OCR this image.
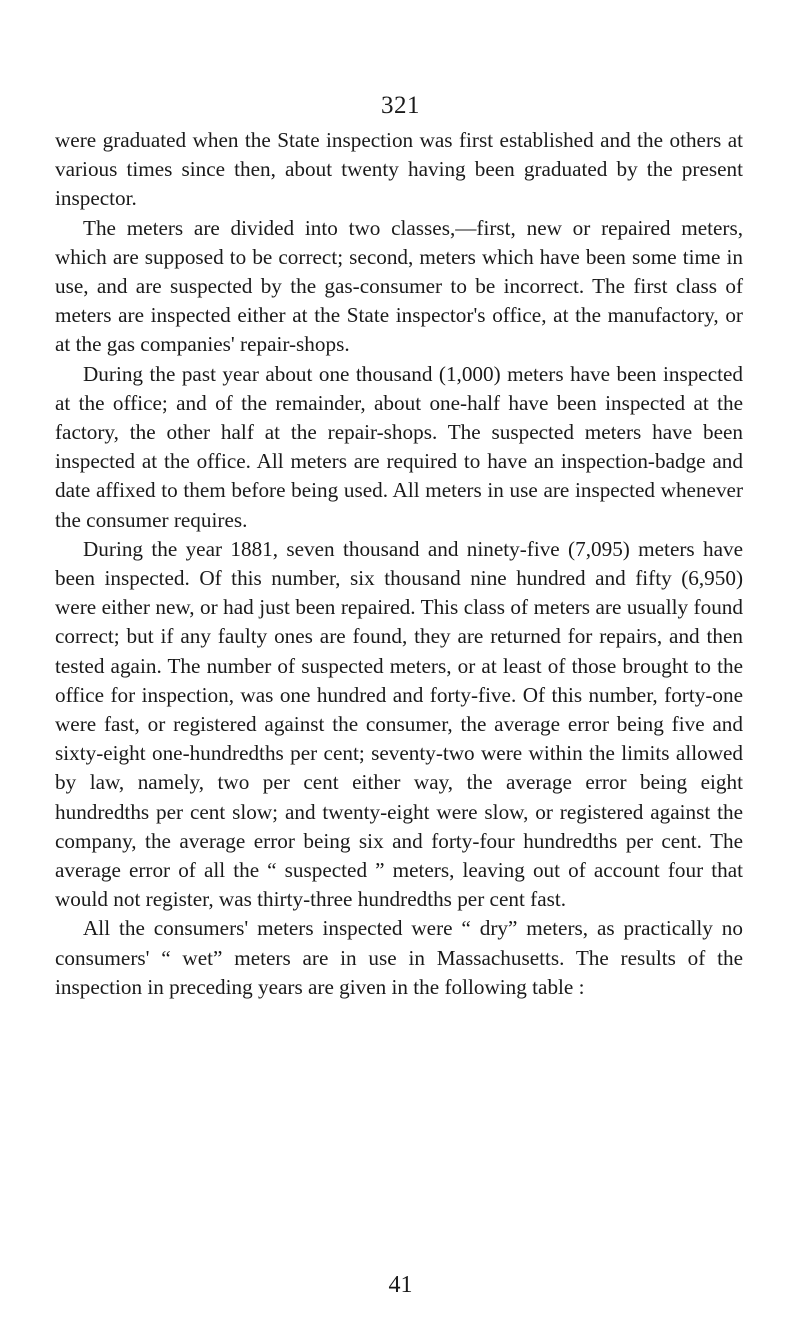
321

were graduated when the State inspection was first established and the others at various times since then, about twenty having been graduated by the present inspector.

The meters are divided into two classes,—first, new or repaired meters, which are supposed to be correct; second, meters which have been some time in use, and are suspected by the gas-consumer to be incorrect. The first class of meters are inspected either at the State inspector's office, at the manufactory, or at the gas companies' repair-shops.

During the past year about one thousand (1,000) meters have been inspected at the office; and of the remainder, about one-half have been inspected at the factory, the other half at the repair-shops. The suspected meters have been inspected at the office. All meters are required to have an inspection-badge and date affixed to them before being used. All meters in use are inspected whenever the consumer requires.

During the year 1881, seven thousand and ninety-five (7,095) meters have been inspected. Of this number, six thousand nine hundred and fifty (6,950) were either new, or had just been repaired. This class of meters are usually found correct; but if any faulty ones are found, they are returned for repairs, and then tested again. The number of suspected meters, or at least of those brought to the office for inspection, was one hundred and forty-five. Of this number, forty-one were fast, or registered against the consumer, the average error being five and sixty-eight one-hundredths per cent; seventy-two were within the limits allowed by law, namely, two per cent either way, the average error being eight hundredths per cent slow; and twenty-eight were slow, or registered against the company, the average error being six and forty-four hundredths per cent. The average error of all the “ suspected ” meters, leaving out of account four that would not register, was thirty-three hundredths per cent fast.

All the consumers' meters inspected were “ dry” meters, as practically no consumers' “ wet” meters are in use in Massachusetts. The results of the inspection in preceding years are given in the following table :

41
